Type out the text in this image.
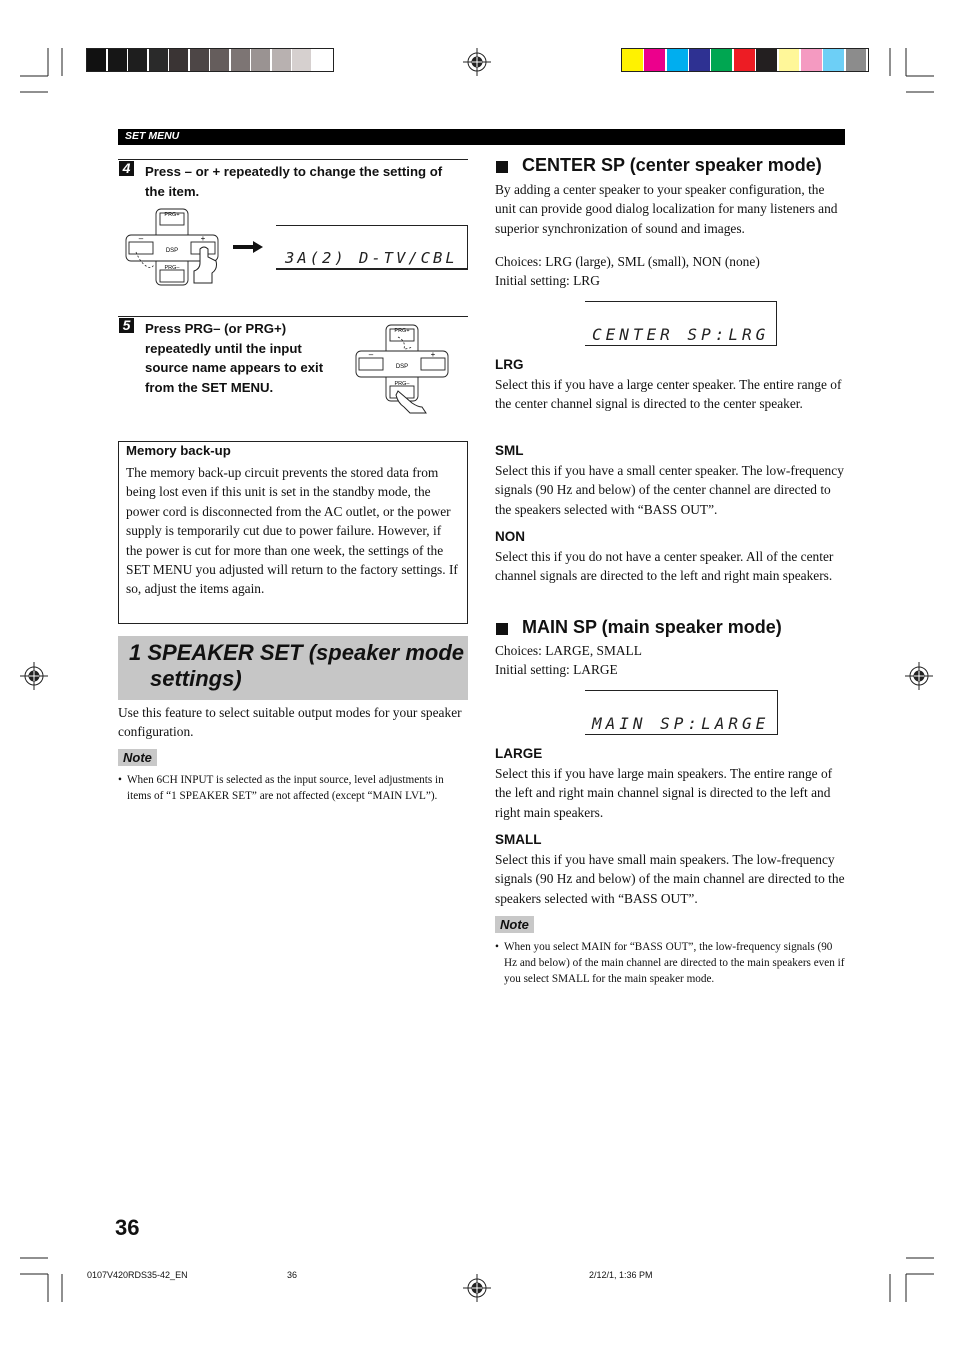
SET MENU
4 Press – or + repeatedly to change the setting of the item.

PRG+
PRG–
DSP
–	+
3A(2) D-TV/CBL
5 Press PRG– (or PRG+) repeatedly until the input source name appears to exit from the SET MENU.

PRG+
PRG–
DSP
–	+
Memory back-up

The memory back-up circuit prevents the stored data from being lost even if this unit is set in the standby mode, the power cord is disconnected from the AC outlet, or the power supply is temporarily cut due to power failure. However, if the power is cut for more than one week, the settings of the SET MENU you adjusted will return to the factory settings. If so, adjust the items again.

1 SPEAKER SET (speaker mode
settings)

Use this feature to select suitable output modes for your speaker configuration.

Note
• When 6CH INPUT is selected as the input source, level adjustments in items of “1 SPEAKER SET” are not affected (except “MAIN LVL”).

CENTER SP (center speaker mode)

By adding a center speaker to your speaker configuration, the unit can provide good dialog localization for many listeners and superior synchronization of sound and images.

Choices: LRG (large), SML (small), NON (none)

Initial setting: LRG

CENTER SP:LRG
LRG

Select this if you have a large center speaker. The entire range of the center channel signal is directed to the center speaker.

SML

Select this if you have a small center speaker. The low-frequency signals (90 Hz and below) of the center channel are directed to the speakers selected with “BASS OUT”.

NON

Select this if you do not have a center speaker. All of the center channel signals are directed to the left and right main speakers.

MAIN SP (main speaker mode)

Choices: LARGE, SMALL

Initial setting: LARGE

MAIN SP:LARGE
LARGE

Select this if you have large main speakers. The entire range of the left and right main channel signal is directed to the left and right main speakers.

SMALL

Select this if you have small main speakers. The low-frequency signals (90 Hz and below) of the main channel are directed to the speakers selected with “BASS OUT”.

Note
• When you select MAIN for “BASS OUT”, the low-frequency signals (90 Hz and below) of the main channel are directed to the main speakers even if you select SMALL for the main speaker mode.

36
0107V420RDS35-42_EN	36	2/12/1, 1:36 PM
